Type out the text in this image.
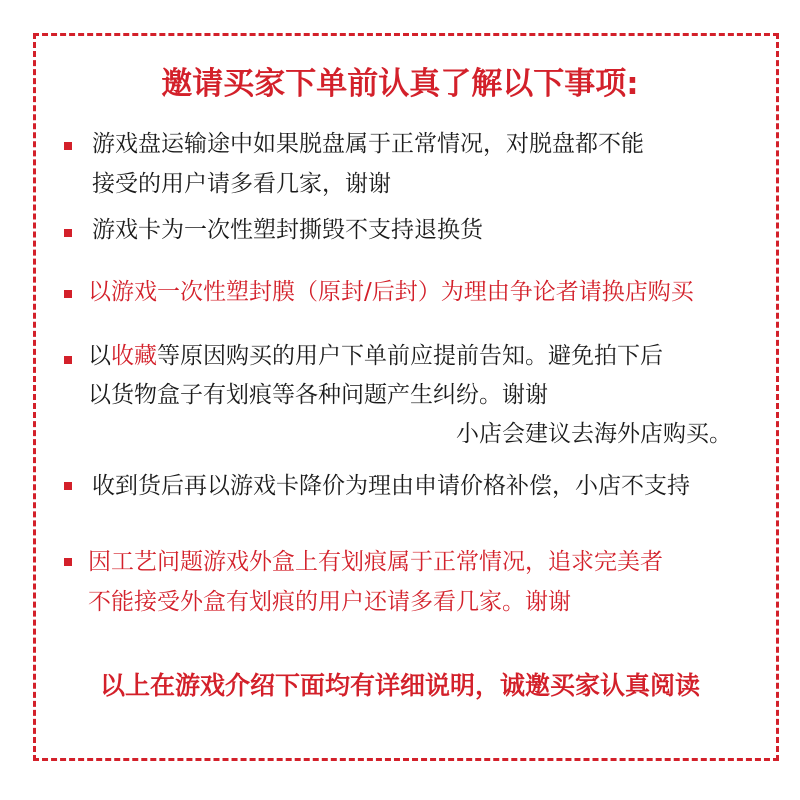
邀请买家下单前认真了解以下事项:
游戏盘运输途中如果脱盘属于正常情况，对脱盘都不能
接受的用户请多看几家，谢谢
游戏卡为一次性塑封撕毁不支持退换货
以游戏一次性塑封膜（原封/后封）为理由争论者请换店购买
以收藏等原因购买的用户下单前应提前告知。避免拍下后
以货物盒子有划痕等各种问题产生纠纷。谢谢
小店会建议去海外店购买。
收到货后再以游戏卡降价为理由申请价格补偿，小店不支持
因工艺问题游戏外盒上有划痕属于正常情况，追求完美者
不能接受外盒有划痕的用户还请多看几家。谢谢
以上在游戏介绍下面均有详细说明，诚邀买家认真阅读
